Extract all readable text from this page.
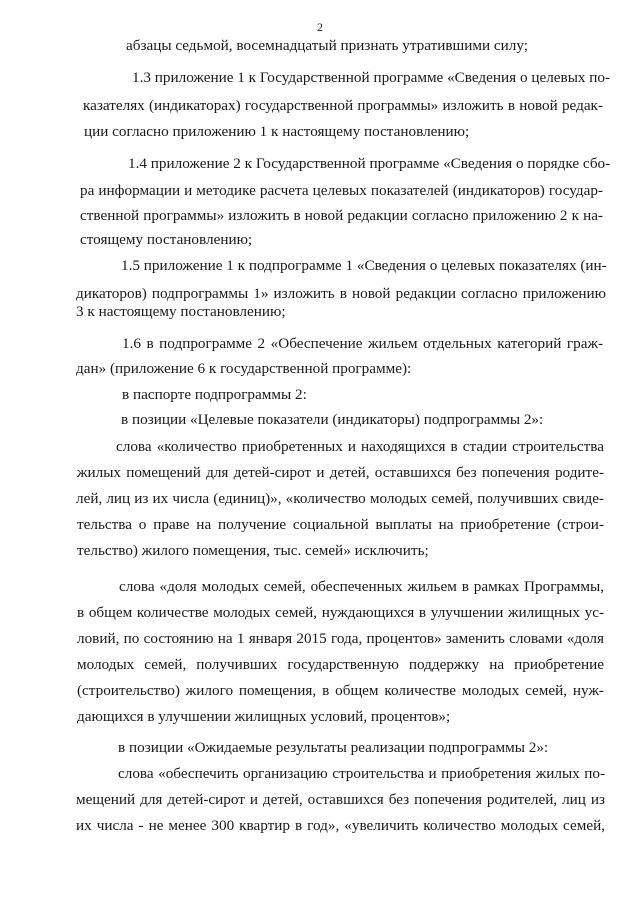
2
абзацы седьмой, восемнадцатый признать утратившими силу;
1.3 приложение 1 к Государственной программе «Сведения о целевых по-
казателях (индикаторах) государственной программы» изложить в новой редак-
ции согласно приложению 1 к настоящему постановлению;
1.4 приложение 2 к Государственной программе «Сведения о порядке сбо-
ра информации и методике расчета целевых показателей (индикаторов) государ-
ственной программы» изложить в новой редакции согласно приложению 2 к на-
стоящему постановлению;
1.5 приложение 1 к подпрограмме 1 «Сведения о целевых показателях (ин-
дикаторов) подпрограммы 1» изложить в новой редакции согласно приложению
3 к настоящему постановлению;
1.6 в подпрограмме 2 «Обеспечение жильем отдельных категорий граж-
дан» (приложение 6 к государственной программе):
в паспорте подпрограммы 2:
в позиции «Целевые показатели (индикаторы) подпрограммы 2»:
слова «количество приобретенных и находящихся в стадии строительства
жилых помещений для детей-сирот и детей, оставшихся без попечения родите-
лей, лиц из их числа (единиц)», «количество молодых семей, получивших свиде-
тельства о праве на получение социальной выплаты на приобретение (строи-
тельство) жилого помещения, тыс. семей» исключить;
слова «доля молодых семей, обеспеченных жильем в рамках Программы,
в общем количестве молодых семей, нуждающихся в улучшении жилищных ус-
ловий, по состоянию на 1 января 2015 года, процентов» заменить словами «доля
молодых семей, получивших государственную поддержку на приобретение
(строительство) жилого помещения, в общем количестве молодых семей, нуж-
дающихся в улучшении жилищных условий, процентов»;
в позиции «Ожидаемые результаты реализации подпрограммы 2»:
слова «обеспечить организацию строительства и приобретения жилых по-
мещений для детей-сирот и детей, оставшихся без попечения родителей, лиц из
их числа - не менее 300 квартир в год», «увеличить количество молодых семей,
